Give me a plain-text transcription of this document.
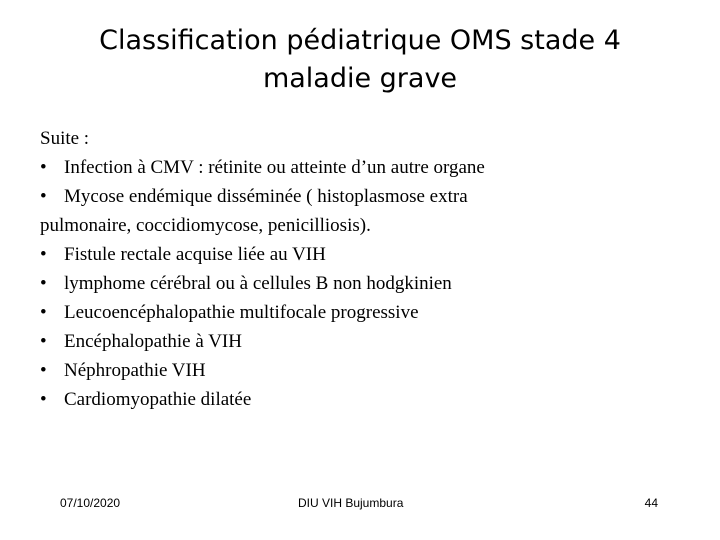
Classification pédiatrique OMS stade 4
maladie grave
Suite :
• Infection à CMV : rétinite ou atteinte d’un autre organe
• Mycose endémique disséminée ( histoplasmose extra
pulmonaire, coccidiomycose, penicilliosis).
• Fistule rectale acquise liée au VIH
• lymphome cérébral ou à cellules B non hodgkinien
• Leucoencéphalopathie multifocale progressive
• Encéphalopathie à VIH
• Néphropathie VIH
• Cardiomyopathie dilatée
07/10/2020	DIU VIH Bujumbura	44
